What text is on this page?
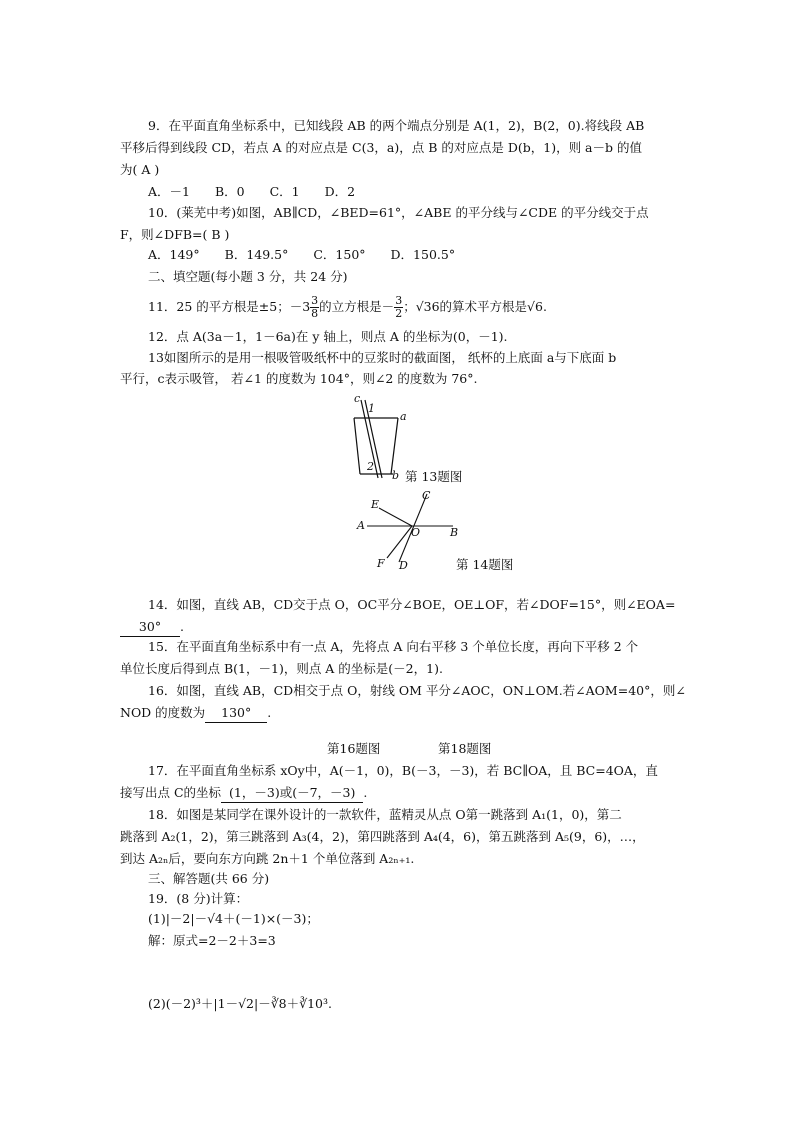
9．在平面直角坐标系中，已知线段 AB 的两个端点分别是 A(1，2)，B(2，0).将线段 AB
平移后得到线段 CD，若点 A 的对应点是 C(3，a)，点 B 的对应点是 D(b，1)，则 a－b 的值
为( A )
A．－1　　B．0　　C．1　　D．2
10．(莱芜中考)如图，AB∥CD，∠BED=61°，∠ABE 的平分线与∠CDE 的平分线交于点
F，则∠DFB=( B )
A．149°　　B．149.5°　　C．150°　　D．150.5°
二、填空题(每小题 3 分，共 24 分)
11．25 的平方根是±5；$-3 \frac{3}{8}$ 的立方根是－ $\frac{3}{2}$ ；√36的算术平方根是√6.
12．点 A(3a－1，1－6a)在 y 轴上，则点 A 的坐标为(0，－1).
13如图所示的是用一根吸管吸纸杯中的豆浆时的截面图， 纸杯的上底面 a与下底面 b
平行，c表示吸管， 若∠1 的度数为 104°，则∠2 的度数为 76°.
c
1
a
2
b 第 13题图
E
C
A
O	B
F D	第 14题图
14．如图，直线 AB，CD交于点 O，OC平分∠BOE，OE⊥OF，若∠DOF=15°，则∠EOA=
30° .
15．在平面直角坐标系中有一点 A，先将点 A 向右平移 3 个单位长度，再向下平移 2 个
单位长度后得到点 B(1，－1)，则点 A 的坐标是(－2，1).
16．如图，直线 AB，CD相交于点 O，射线 OM 平分∠AOC，ON⊥OM.若∠AOM=40°，则∠
NOD 的度数为 130° .
第16题图	第18题图
17．在平面直角坐标系 xOy中，A(－1，0)，B(－3，－3)，若 BC∥OA，且 BC=4OA，直
接写出点 C的坐标 (1，－3)或(－7，－3) .
18．如图是某同学在课外设计的一款软件，蓝精灵从点 O第一跳落到 A₁(1，0)，第二
跳落到 A₂(1，2)，第三跳落到 A₃(4，2)，第四跳落到 A₄(4，6)，第五跳落到 A₅(9，6)，…，
到达 A₂ₙ后，要向东方向跳 2n＋1 个单位落到 A₂ₙ₊₁.
三、解答题(共 66 分)
19．(8 分)计算：
(1)|－2|－√4＋(－1)×(－3)；
解：原式=2－2＋3=3
(2)(－2)³＋|1－√2|－∛8＋∛10³.
